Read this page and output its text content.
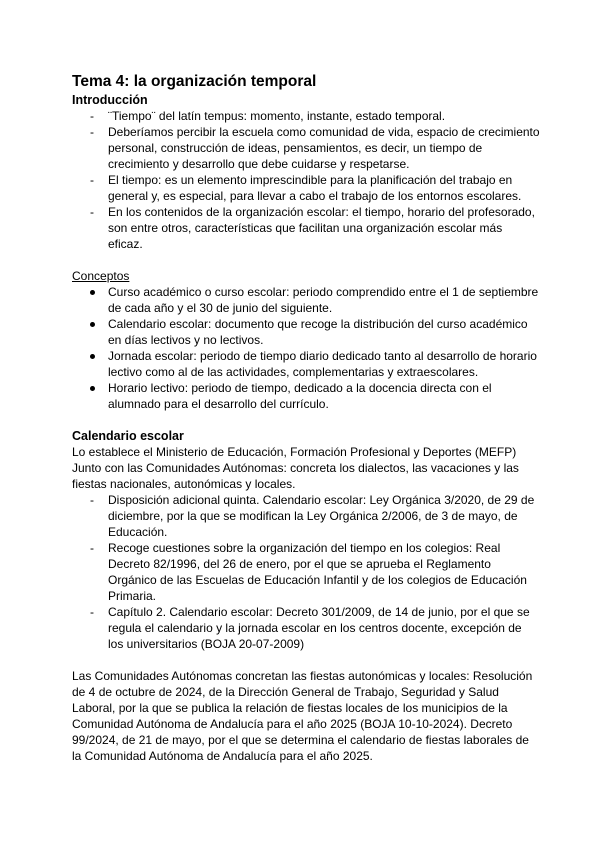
Tema 4: la organización temporal
Introducción
-	¨Tiempo¨ del latín tempus: momento, instante, estado temporal.
-	Deberíamos percibir la escuela como comunidad de vida, espacio de crecimiento personal, construcción de ideas, pensamientos, es decir, un tiempo de crecimiento y desarrollo que debe cuidarse y respetarse.
-	El tiempo: es un elemento imprescindible para la planificación del trabajo en general y, es especial, para llevar a cabo el trabajo de los entornos escolares.
-	En los contenidos de la organización escolar: el tiempo, horario del profesorado, son entre otros, características que facilitan una organización escolar más eficaz.

Conceptos

Curso académico o curso escolar: periodo comprendido entre el 1 de septiembre de cada año y el 30 de junio del siguiente.
Calendario escolar: documento que recoge la distribución del curso académico en días lectivos y no lectivos.
Jornada escolar: periodo de tiempo diario dedicado tanto al desarrollo de horario lectivo como al de las actividades, complementarias y extraescolares.
Horario lectivo: periodo de tiempo, dedicado a la docencia directa con el alumnado para el desarrollo del currículo.
Calendario escolar

Lo establece el Ministerio de Educación, Formación Profesional y Deportes (MEFP) Junto con las Comunidades Autónomas: concreta los dialectos, las vacaciones y las fiestas nacionales, autonómicas y locales.

-	Disposición adicional quinta. Calendario escolar: Ley Orgánica 3/2020, de 29 de diciembre, por la que se modifican la Ley Orgánica 2/2006, de 3 de mayo, de Educación.
-	Recoge cuestiones sobre la organización del tiempo en los colegios: Real Decreto 82/1996, del 26 de enero, por el que se aprueba el Reglamento Orgánico de las Escuelas de Educación Infantil y de los colegios de Educación Primaria.
-	Capítulo 2. Calendario escolar: Decreto 301/2009, de 14 de junio, por el que se regula el calendario y la jornada escolar en los centros docente, excepción de los universitarios (BOJA 20-07-2009)

Las Comunidades Autónomas concretan las fiestas autonómicas y locales: Resolución de 4 de octubre de 2024, de la Dirección General de Trabajo, Seguridad y Salud Laboral, por la que se publica la relación de fiestas locales de los municipios de la Comunidad Autónoma de Andalucía para el año 2025 (BOJA 10-10-2024). Decreto 99/2024, de 21 de mayo, por el que se determina el calendario de fiestas laborales de la Comunidad Autónoma de Andalucía para el año 2025.
